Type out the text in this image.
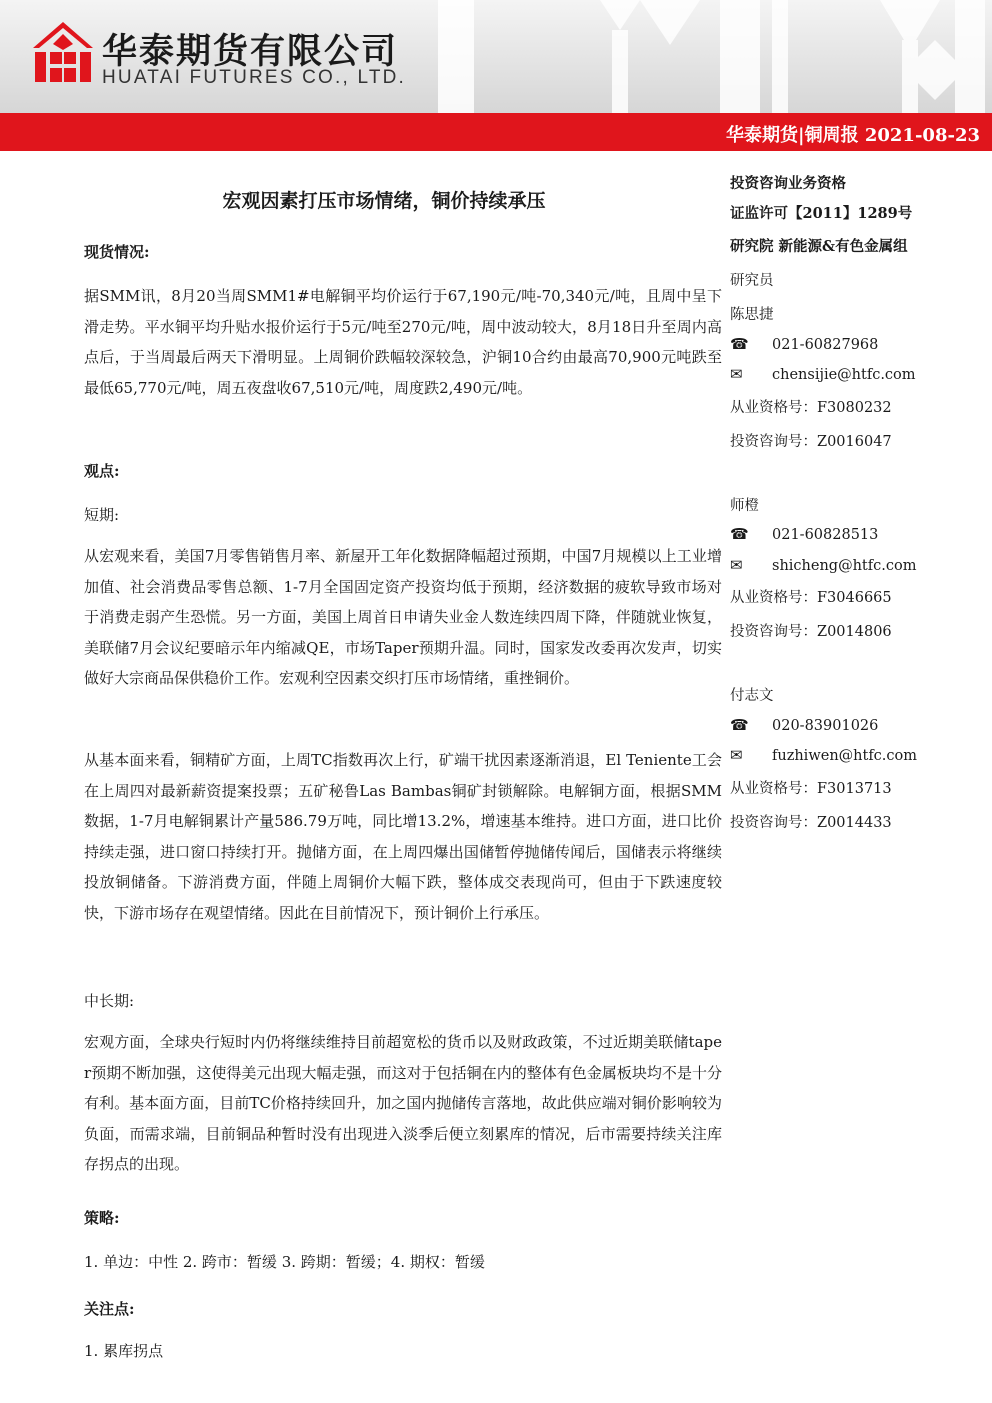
华泰期货有限公司
HUATAI FUTURES CO., LTD.
华泰期货|铜周报 2021-08-23
宏观因素打压市场情绪，铜价持续承压
现货情况:
据SMM讯，8月20当周SMM1#电解铜平均价运行于67,190元/吨-70,340元/吨，且周中呈下滑走势。平水铜平均升贴水报价运行于5元/吨至270元/吨，周中波动较大，8月18日升至周内高点后，于当周最后两天下滑明显。上周铜价跌幅较深较急，沪铜10合约由最高70,900元吨跌至最低65,770元/吨，周五夜盘收67,510元/吨，周度跌2,490元/吨。
观点:
短期:
从宏观来看，美国7月零售销售月率、新屋开工年化数据降幅超过预期，中国7月规模以上工业增加值、社会消费品零售总额、1-7月全国固定资产投资均低于预期，经济数据的疲软导致市场对于消费走弱产生恐慌。另一方面，美国上周首日申请失业金人数连续四周下降，伴随就业恢复，美联储7月会议纪要暗示年内缩减QE，市场Taper预期升温。同时，国家发改委再次发声，切实做好大宗商品保供稳价工作。宏观利空因素交织打压市场情绪，重挫铜价。
从基本面来看，铜精矿方面，上周TC指数再次上行，矿端干扰因素逐渐消退，El Teniente工会在上周四对最新薪资提案投票；五矿秘鲁Las Bambas铜矿封锁解除。电解铜方面，根据SMM数据，1-7月电解铜累计产量586.79万吨，同比增13.2%，增速基本维持。进口方面，进口比价持续走强，进口窗口持续打开。抛储方面，在上周四爆出国储暂停抛储传闻后，国储表示将继续投放铜储备。下游消费方面，伴随上周铜价大幅下跌，整体成交表现尚可，但由于下跌速度较快，下游市场存在观望情绪。因此在目前情况下，预计铜价上行承压。
中长期:
宏观方面，全球央行短时内仍将继续维持目前超宽松的货币以及财政政策，不过近期美联储taper预期不断加强，这使得美元出现大幅走强，而这对于包括铜在内的整体有色金属板块均不是十分有利。基本面方面，目前TC价格持续回升，加之国内抛储传言落地，故此供应端对铜价影响较为负面，而需求端，目前铜品种暂时没有出现进入淡季后便立刻累库的情况，后市需要持续关注库存拐点的出现。
策略:
1. 单边：中性 2. 跨市：暂缓 3. 跨期：暂缓；4. 期权：暂缓
关注点:
1. 累库拐点
投资咨询业务资格
证监许可【2011】1289号
研究院 新能源&有色金属组
研究员
陈思捷
☎ 021-60827968
✉ chensijie@htfc.com
从业资格号：F3080232
投资咨询号：Z0016047
师橙
☎ 021-60828513
✉ shicheng@htfc.com
从业资格号：F3046665
投资咨询号：Z0014806
付志文
☎ 020-83901026
✉ fuzhiwen@htfc.com
从业资格号：F3013713
投资咨询号：Z0014433
